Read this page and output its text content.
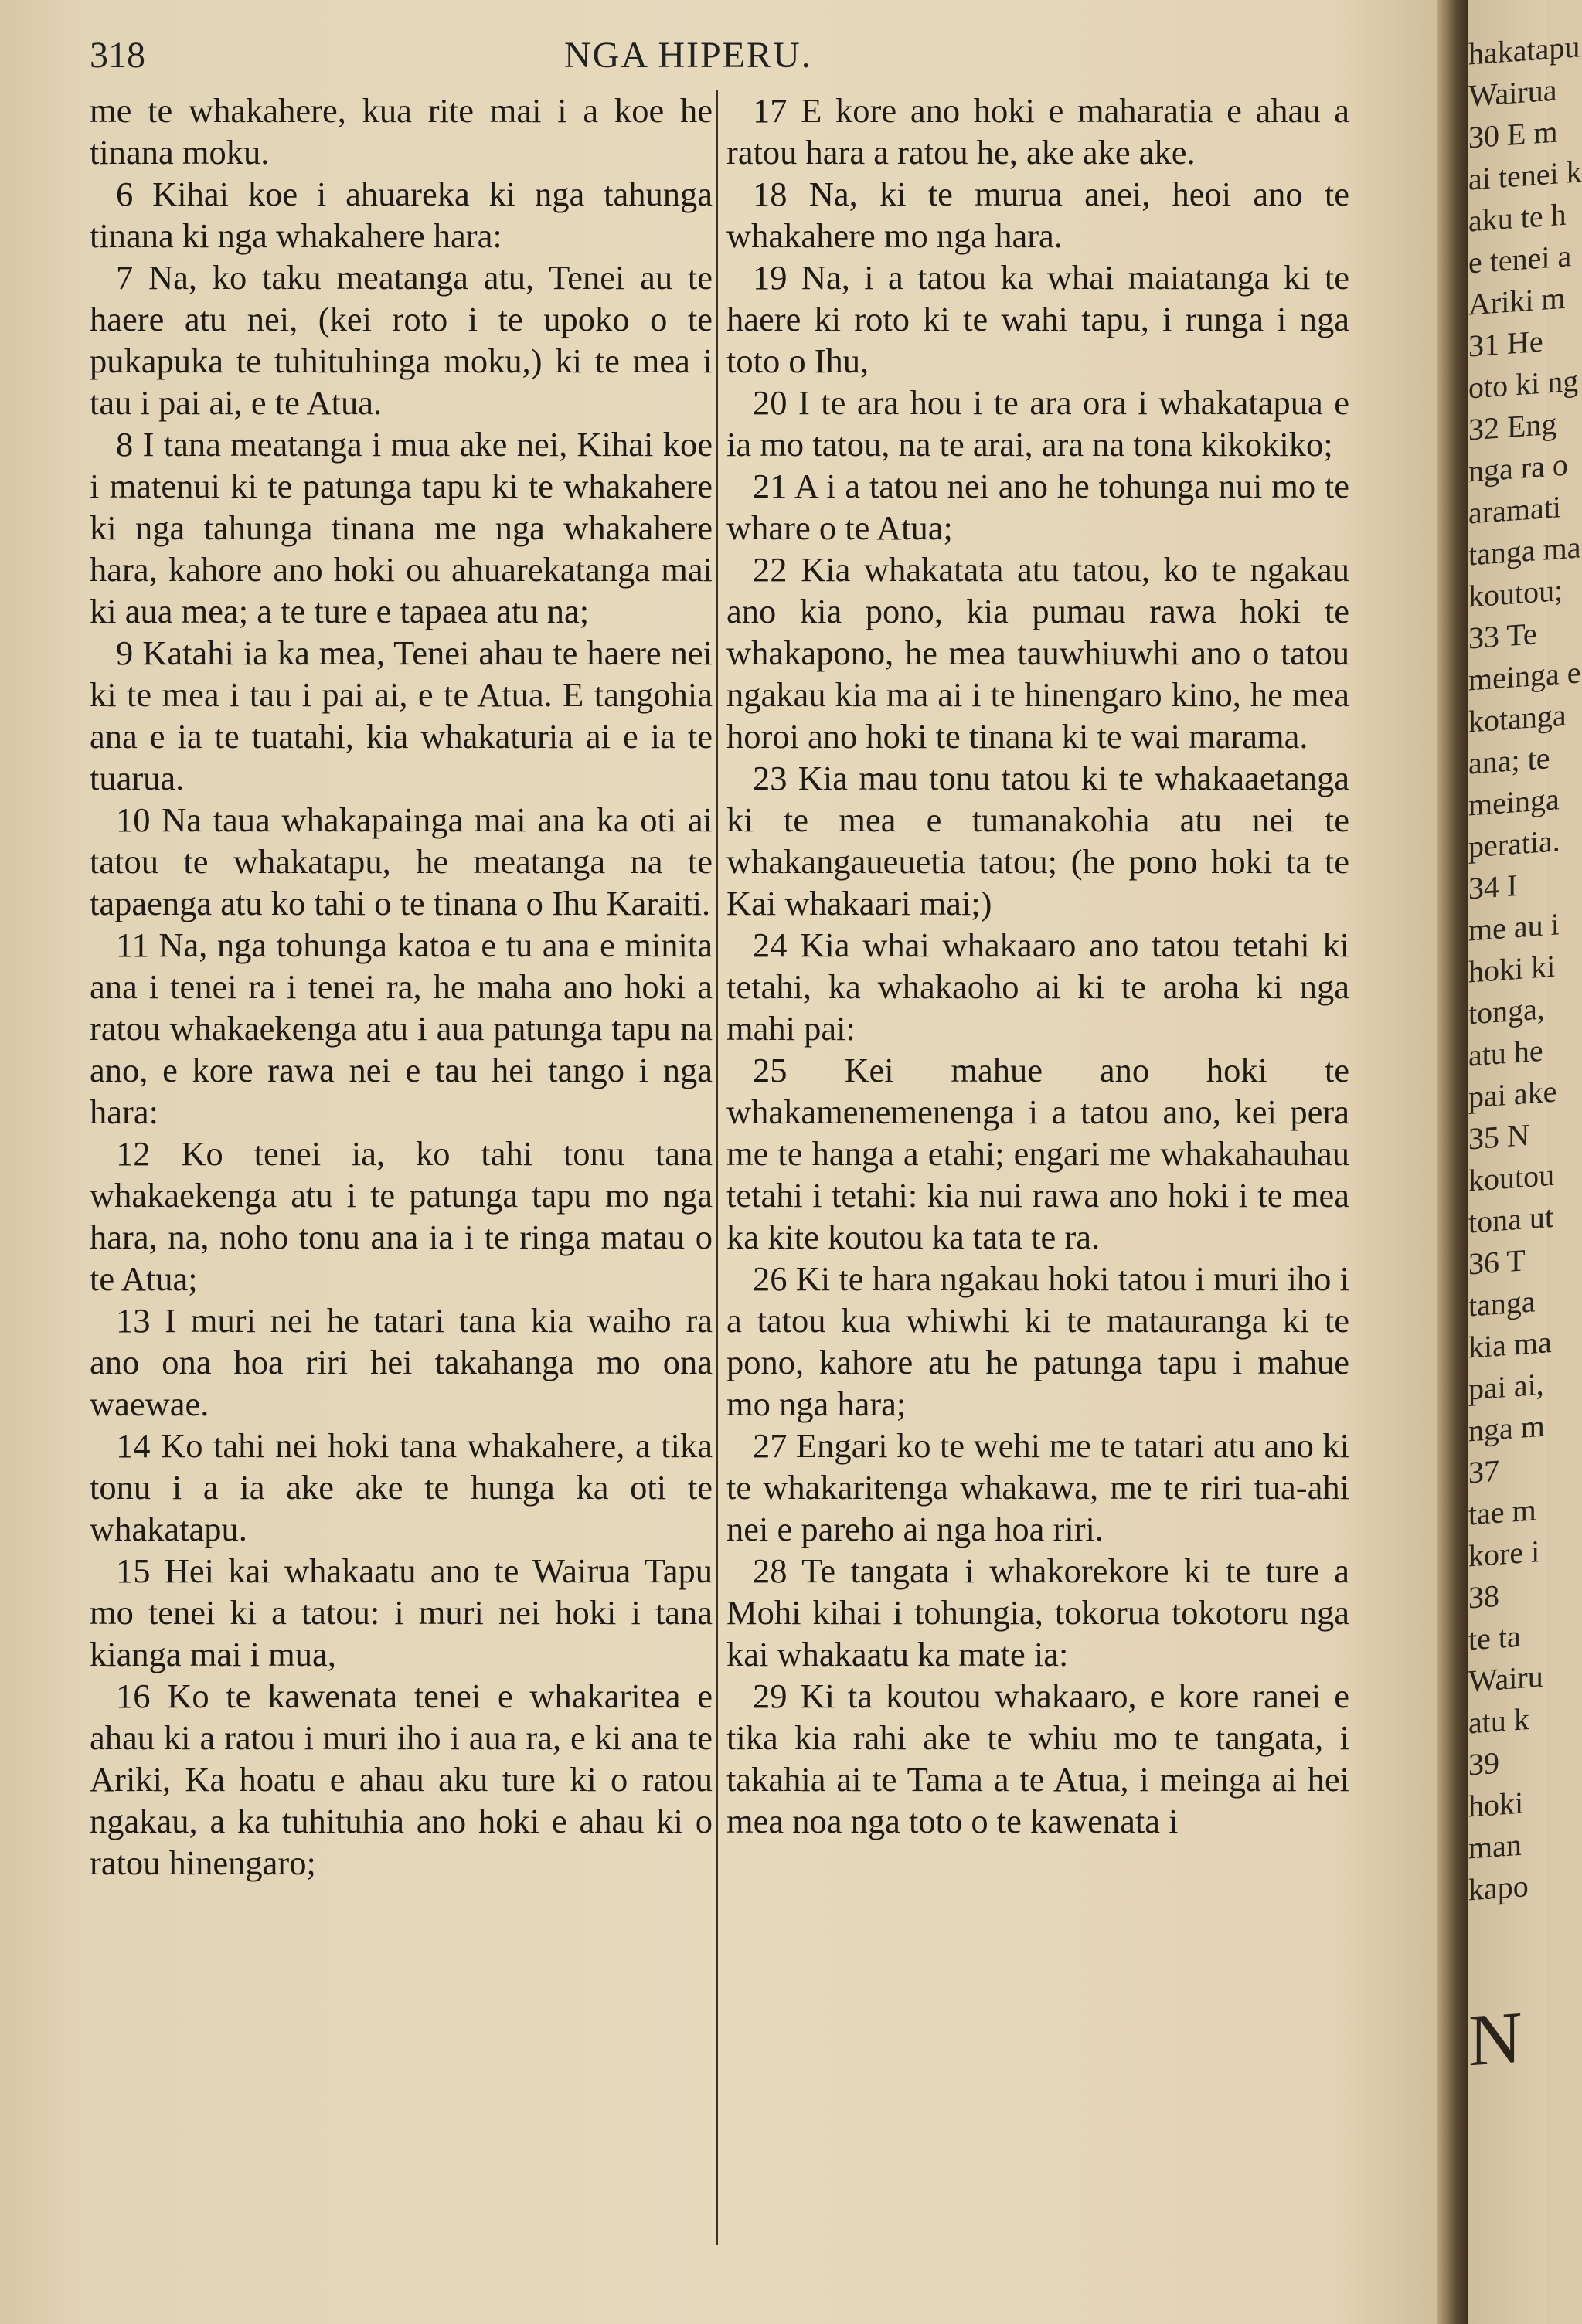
318	NGA HIPERU.

me te whakahere, kua rite mai i a koe he tinana moku.

6 Kihai koe i ahuareka ki nga tahunga tinana ki nga whakahere hara:

7 Na, ko taku meatanga atu, Tenei au te haere atu nei, (kei roto i te upoko o te pukapuka te tuhituhinga moku,) ki te mea i tau i pai ai, e te Atua.

8 I tana meatanga i mua ake nei, Kihai koe i matenui ki te patunga tapu ki te whakahere ki nga tahunga tinana me nga whakahere hara, kahore ano hoki ou ahuarekatanga mai ki aua mea; a te ture e tapaea atu na;

9 Katahi ia ka mea, Tenei ahau te haere nei ki te mea i tau i pai ai, e te Atua. E tangohia ana e ia te tuatahi, kia whakaturia ai e ia te tuarua.

10 Na taua whakapainga mai ana ka oti ai tatou te whakatapu, he meatanga na te tapaenga atu ko tahi o te tinana o Ihu Karaiti.

11 Na, nga tohunga katoa e tu ana e minita ana i tenei ra i tenei ra, he maha ano hoki a ratou whakaekenga atu i aua patunga tapu na ano, e kore rawa nei e tau hei tango i nga hara:

12 Ko tenei ia, ko tahi tonu tana whakaekenga atu i te patunga tapu mo nga hara, na, noho tonu ana ia i te ringa matau o te Atua;

13 I muri nei he tatari tana kia waiho ra ano ona hoa riri hei takahanga mo ona waewae.

14 Ko tahi nei hoki tana whakahere, a tika tonu i a ia ake ake te hunga ka oti te whakatapu.

15 Hei kai whakaatu ano te Wairua Tapu mo tenei ki a tatou: i muri nei hoki i tana kianga mai i mua,

16 Ko te kawenata tenei e whakaritea e ahau ki a ratou i muri iho i aua ra, e ki ana te Ariki, Ka hoatu e ahau aku ture ki o ratou ngakau, a ka tuhituhia ano hoki e ahau ki o ratou hinengaro;

17 E kore ano hoki e maharatia e ahau a ratou hara a ratou he, ake ake ake.

18 Na, ki te murua anei, heoi ano te whakahere mo nga hara.

19 Na, i a tatou ka whai maiatanga ki te haere ki roto ki te wahi tapu, i runga i nga toto o Ihu,

20 I te ara hou i te ara ora i whakatapua e ia mo tatou, na te arai, ara na tona kikokiko;

21 A i a tatou nei ano he tohunga nui mo te whare o te Atua;

22 Kia whakatata atu tatou, ko te ngakau ano kia pono, kia pumau rawa hoki te whakapono, he mea tauwhiuwhi ano o tatou ngakau kia ma ai i te hinengaro kino, he mea horoi ano hoki te tinana ki te wai marama.

23 Kia mau tonu tatou ki te whakaaetanga ki te mea e tumanakohia atu nei te whakangaueuetia tatou; (he pono hoki ta te Kai whakaari mai;)

24 Kia whai whakaaro ano tatou tetahi ki tetahi, ka whakaoho ai ki te aroha ki nga mahi pai:

25 Kei mahue ano hoki te whakamenemenenga i a tatou ano, kei pera me te hanga a etahi; engari me whakahauhau tetahi i tetahi: kia nui rawa ano hoki i te mea ka kite koutou ka tata te ra.

26 Ki te hara ngakau hoki tatou i muri iho i a tatou kua whiwhi ki te matauranga ki te pono, kahore atu he patunga tapu i mahue mo nga hara;

27 Engari ko te wehi me te tatari atu ano ki te whakaritenga whakawa, me te riri tua-ahi nei e pareho ai nga hoa riri.

28 Te tangata i whakorekore ki te ture a Mohi kihai i tohungia, tokorua tokotoru nga kai whakaatu ka mate ia:

29 Ki ta koutou whakaaro, e kore ranei e tika kia rahi ake te whiu mo te tangata, i takahia ai te Tama a te Atua, i meinga ai hei mea noa nga toto o te kawenata i

hakatapu
Wairua
30 E m
ai tenei k
aku te h
e tenei a
Ariki m
31 He
oto ki ng
32 Eng
nga ra o
aramati
tanga ma
koutou;
33 Te
meinga e
kotanga
ana; te
meinga
peratia.
34 I
me au i
hoki ki
tonga,
atu he
pai ake
35 N
koutou
tona ut
36 T
tanga
kia ma
pai ai,
nga m
37
tae m
kore i
38
te ta
Wairu
atu k
39
hoki
man
kapo
N
